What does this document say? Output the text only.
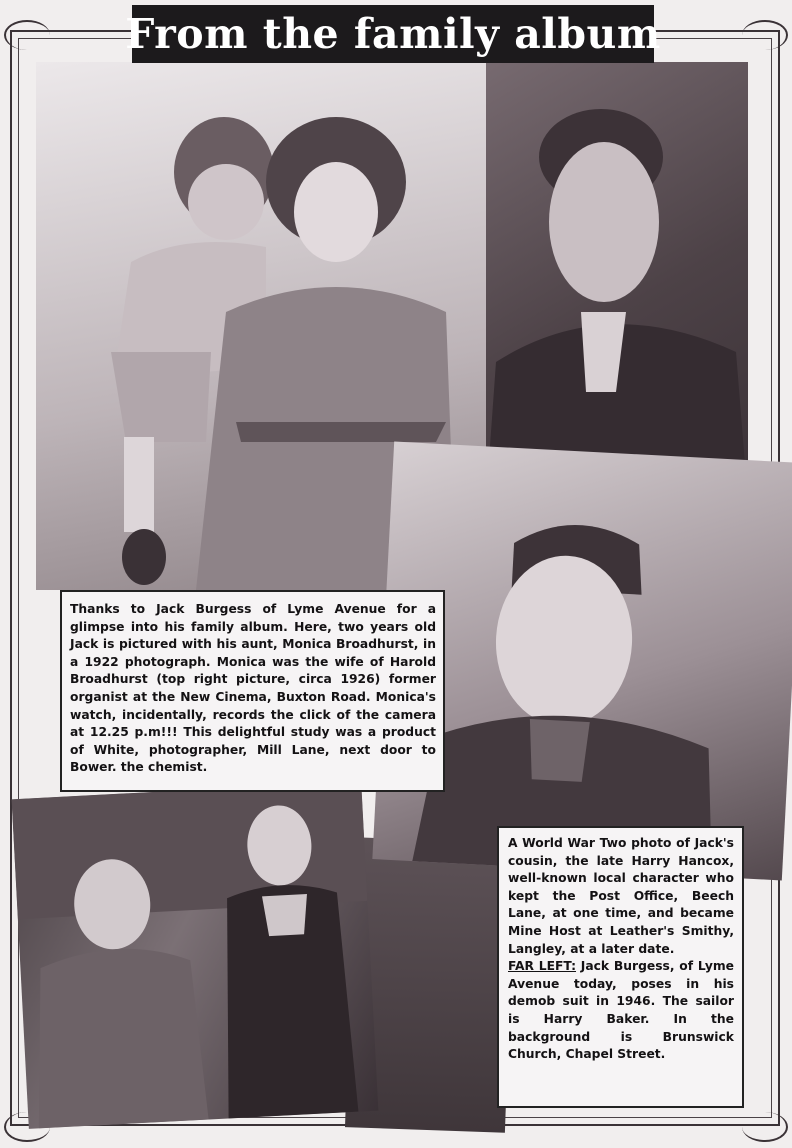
From the family album
Thanks to Jack Burgess of Lyme Avenue for a glimpse into his family album. Here, two years old Jack is pictured with his aunt, Monica Broadhurst, in a 1922 photograph. Monica was the wife of Harold Broadhurst (top right picture, circa 1926) former organist at the New Cinema, Buxton Road. Monica's watch, incidentally, records the click of the camera at 12.25 p.m!!! This delightful study was a product of White, photographer, Mill Lane, next door to Bower. the chemist.

A World War Two photo of Jack's cousin, the late Harry Hancox, well-known local character who kept the Post Office, Beech Lane, at one time, and became Mine Host at Leather's Smithy, Langley, at a later date.

FAR LEFT: Jack Burgess, of Lyme Avenue today, poses in his demob suit in 1946. The sailor is Harry Baker. In the background is Brunswick Church, Chapel Street.
